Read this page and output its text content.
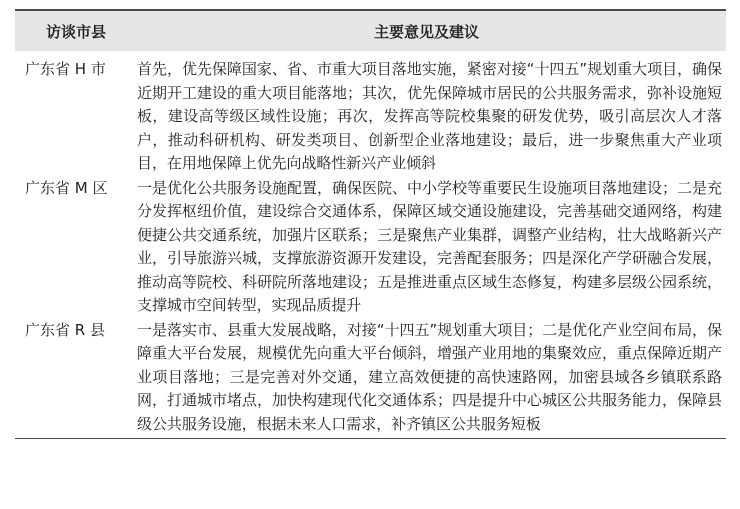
访谈市县	主要意见及建议
广东省 H 市	首先，优先保障国家、省、市重大项目落地实施，紧密对接“十四五”规划重大项目，确保近期开工建设的重大项目能落地；其次，优先保障城市居民的公共服务需求，弥补设施短板，建设高等级区域性设施；再次，发挥高等院校集聚的研发优势，吸引高层次人才落户，推动科研机构、研发类项目、创新型企业落地建设；最后，进一步聚焦重大产业项目，在用地保障上优先向战略性新兴产业倾斜
广东省 M 区	一是优化公共服务设施配置，确保医院、中小学校等重要民生设施项目落地建设；二是充分发挥枢纽价值，建设综合交通体系，保障区域交通设施建设，完善基础交通网络，构建便捷公共交通系统，加强片区联系；三是聚焦产业集群，调整产业结构，壮大战略新兴产业，引导旅游兴城，支撑旅游资源开发建设，完善配套服务；四是深化产学研融合发展，推动高等院校、科研院所落地建设；五是推进重点区域生态修复，构建多层级公园系统，支撑城市空间转型，实现品质提升
广东省 R 县	一是落实市、县重大发展战略，对接“十四五”规划重大项目；二是优化产业空间布局，保障重大平台发展，规模优先向重大平台倾斜，增强产业用地的集聚效应，重点保障近期产业项目落地；三是完善对外交通，建立高效便捷的高快速路网，加密县域各乡镇联系路网，打通城市堵点，加快构建现代化交通体系；四是提升中心城区公共服务能力，保障县级公共服务设施，根据未来人口需求，补齐镇区公共服务短板
